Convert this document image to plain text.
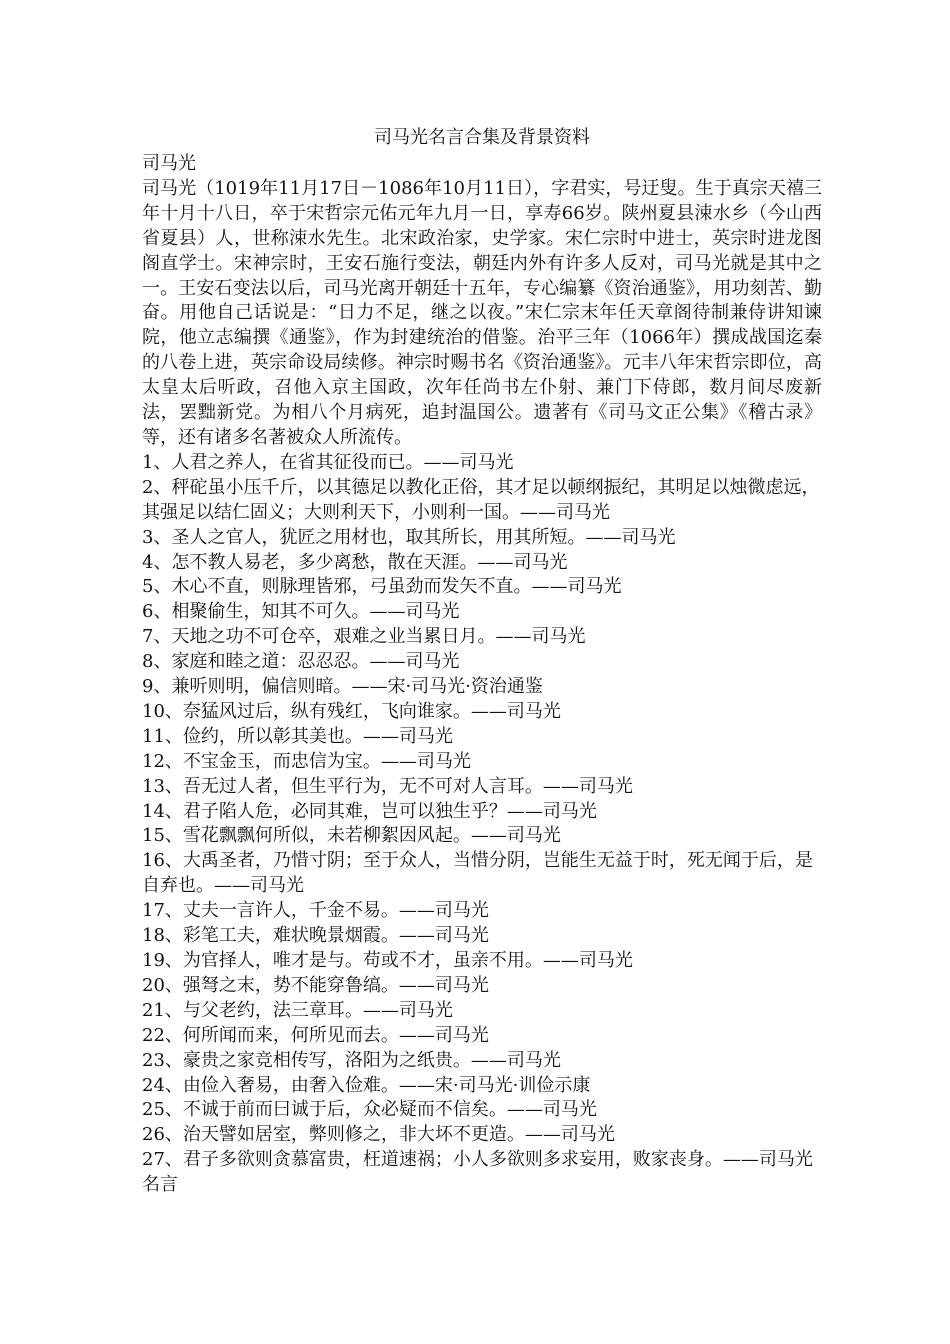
司马光名言合集及背景资料

司马光

司马光（1019年11月17日－1086年10月11日），字君实，号迂叟。生于真宗天禧三年十月十八日，卒于宋哲宗元佑元年九月一日，享寿66岁。陕州夏县涑水乡（今山西省夏县）人，世称涑水先生。北宋政治家，史学家。宋仁宗时中进士，英宗时进龙图阁直学士。宋神宗时，王安石施行变法，朝廷内外有许多人反对，司马光就是其中之一。王安石变法以后，司马光离开朝廷十五年，专心编纂《资治通鉴》，用功刻苦、勤奋。用他自己话说是：“日力不足，继之以夜。”宋仁宗末年任天章阁待制兼侍讲知谏院，他立志编撰《通鉴》，作为封建统治的借鉴。治平三年（1066年）撰成战国迄秦的八卷上进，英宗命设局续修。神宗时赐书名《资治通鉴》。元丰八年宋哲宗即位，高太皇太后听政，召他入京主国政，次年任尚书左仆射、兼门下侍郎，数月间尽废新法，罢黜新党。为相八个月病死，追封温国公。遗著有《司马文正公集》《稽古录》等，还有诸多名著被众人所流传。

1、人君之养人，在省其征役而已。——司马光
2、秤砣虽小压千斤，以其德足以教化正俗，其才足以顿纲振纪，其明足以烛微虑远，其强足以结仁固义；大则利天下，小则利一国。——司马光
3、圣人之官人，犹匠之用材也，取其所长，用其所短。——司马光
4、怎不教人易老，多少离愁，散在天涯。——司马光
5、木心不直，则脉理皆邪，弓虽劲而发矢不直。——司马光
6、相聚偷生，知其不可久。——司马光
7、天地之功不可仓卒，艰难之业当累日月。——司马光
8、家庭和睦之道：忍忍忍。——司马光
9、兼听则明，偏信则暗。——宋·司马光·资治通鉴
10、奈猛风过后，纵有残红，飞向谁家。——司马光
11、俭约，所以彰其美也。——司马光
12、不宝金玉，而忠信为宝。——司马光
13、吾无过人者，但生平行为，无不可对人言耳。——司马光
14、君子陷人危，必同其难，岂可以独生乎？——司马光
15、雪花飘飘何所似，未若柳絮因风起。——司马光
16、大禹圣者，乃惜寸阴；至于众人，当惜分阴，岂能生无益于时，死无闻于后，是自弃也。——司马光
17、丈夫一言许人，千金不易。——司马光
18、彩笔工夫，难状晚景烟霞。——司马光
19、为官择人，唯才是与。苟或不才，虽亲不用。——司马光
20、强弩之末，势不能穿鲁缟。——司马光
21、与父老约，法三章耳。——司马光
22、何所闻而来，何所见而去。——司马光
23、豪贵之家竞相传写，洛阳为之纸贵。——司马光
24、由俭入奢易，由奢入俭难。——宋·司马光·训俭示康
25、不诚于前而曰诚于后，众必疑而不信矣。——司马光
26、治天譬如居室，弊则修之，非大坏不更造。——司马光
27、君子多欲则贪慕富贵，枉道速祸；小人多欲则多求妄用，败家丧身。——司马光名言
